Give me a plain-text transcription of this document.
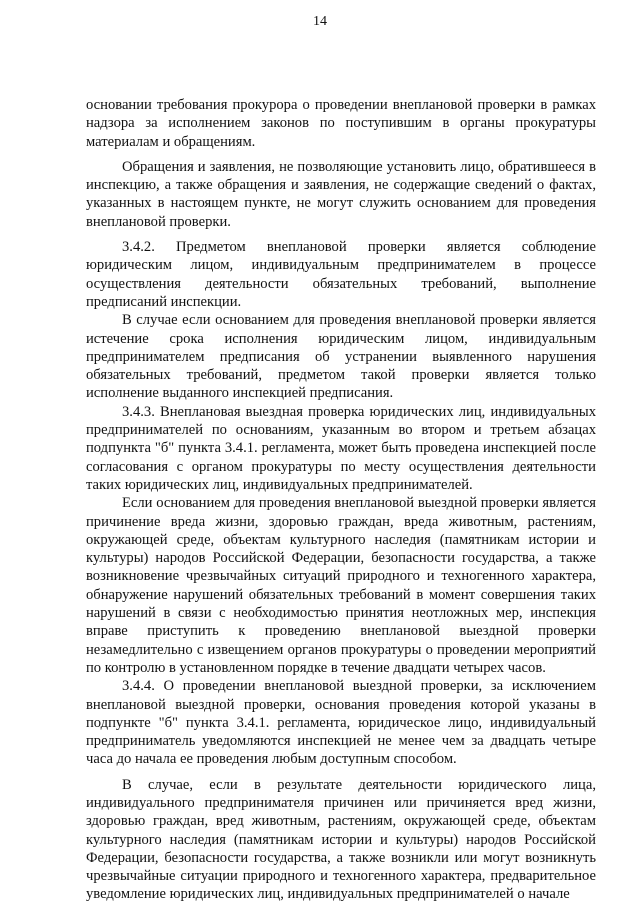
14

основании требования прокурора о проведении внеплановой проверки в рамках надзора за исполнением законов по поступившим в органы прокуратуры материалам и обращениям.

Обращения и заявления, не позволяющие установить лицо, обратившееся в инспекцию, а также обращения и заявления, не содержащие сведений о фактах, указанных в настоящем пункте, не могут служить основанием для проведения внеплановой проверки.

3.4.2. Предметом внеплановой проверки является соблюдение юридическим лицом, индивидуальным предпринимателем в процессе осуществления деятельности обязательных требований, выполнение предписаний инспекции.

В случае если основанием для проведения внеплановой проверки является истечение срока исполнения юридическим лицом, индивидуальным предпринимателем предписания об устранении выявленного нарушения обязательных требований, предметом такой проверки является только исполнение выданного инспекцией предписания.

3.4.3. Внеплановая выездная проверка юридических лиц, индивидуальных предпринимателей по основаниям, указанным во втором и третьем абзацах подпункта "б" пункта 3.4.1. регламента, может быть проведена инспекцией после согласования с органом прокуратуры по месту осуществления деятельности таких юридических лиц, индивидуальных предпринимателей.

Если основанием для проведения внеплановой выездной проверки является причинение вреда жизни, здоровью граждан, вреда животным, растениям, окружающей среде, объектам культурного наследия (памятникам истории и культуры) народов Российской Федерации, безопасности государства, а также возникновение чрезвычайных ситуаций природного и техногенного характера, обнаружение нарушений обязательных требований в момент совершения таких нарушений в связи с необходимостью принятия неотложных мер, инспекция вправе приступить к проведению внеплановой выездной проверки незамедлительно с извещением органов прокуратуры о проведении мероприятий по контролю в установленном порядке в течение двадцати четырех часов.

3.4.4. О проведении внеплановой выездной проверки, за исключением внеплановой выездной проверки, основания проведения которой указаны в подпункте "б" пункта 3.4.1. регламента, юридическое лицо, индивидуальный предприниматель уведомляются инспекцией не менее чем за двадцать четыре часа до начала ее проведения любым доступным способом.

В случае, если в результате деятельности юридического лица, индивидуального предпринимателя причинен или причиняется вред жизни, здоровью граждан, вред животным, растениям, окружающей среде, объектам культурного наследия (памятникам истории и культуры) народов Российской Федерации, безопасности государства, а также возникли или могут возникнуть чрезвычайные ситуации природного и техногенного характера, предварительное уведомление юридических лиц, индивидуальных предпринимателей о начале
